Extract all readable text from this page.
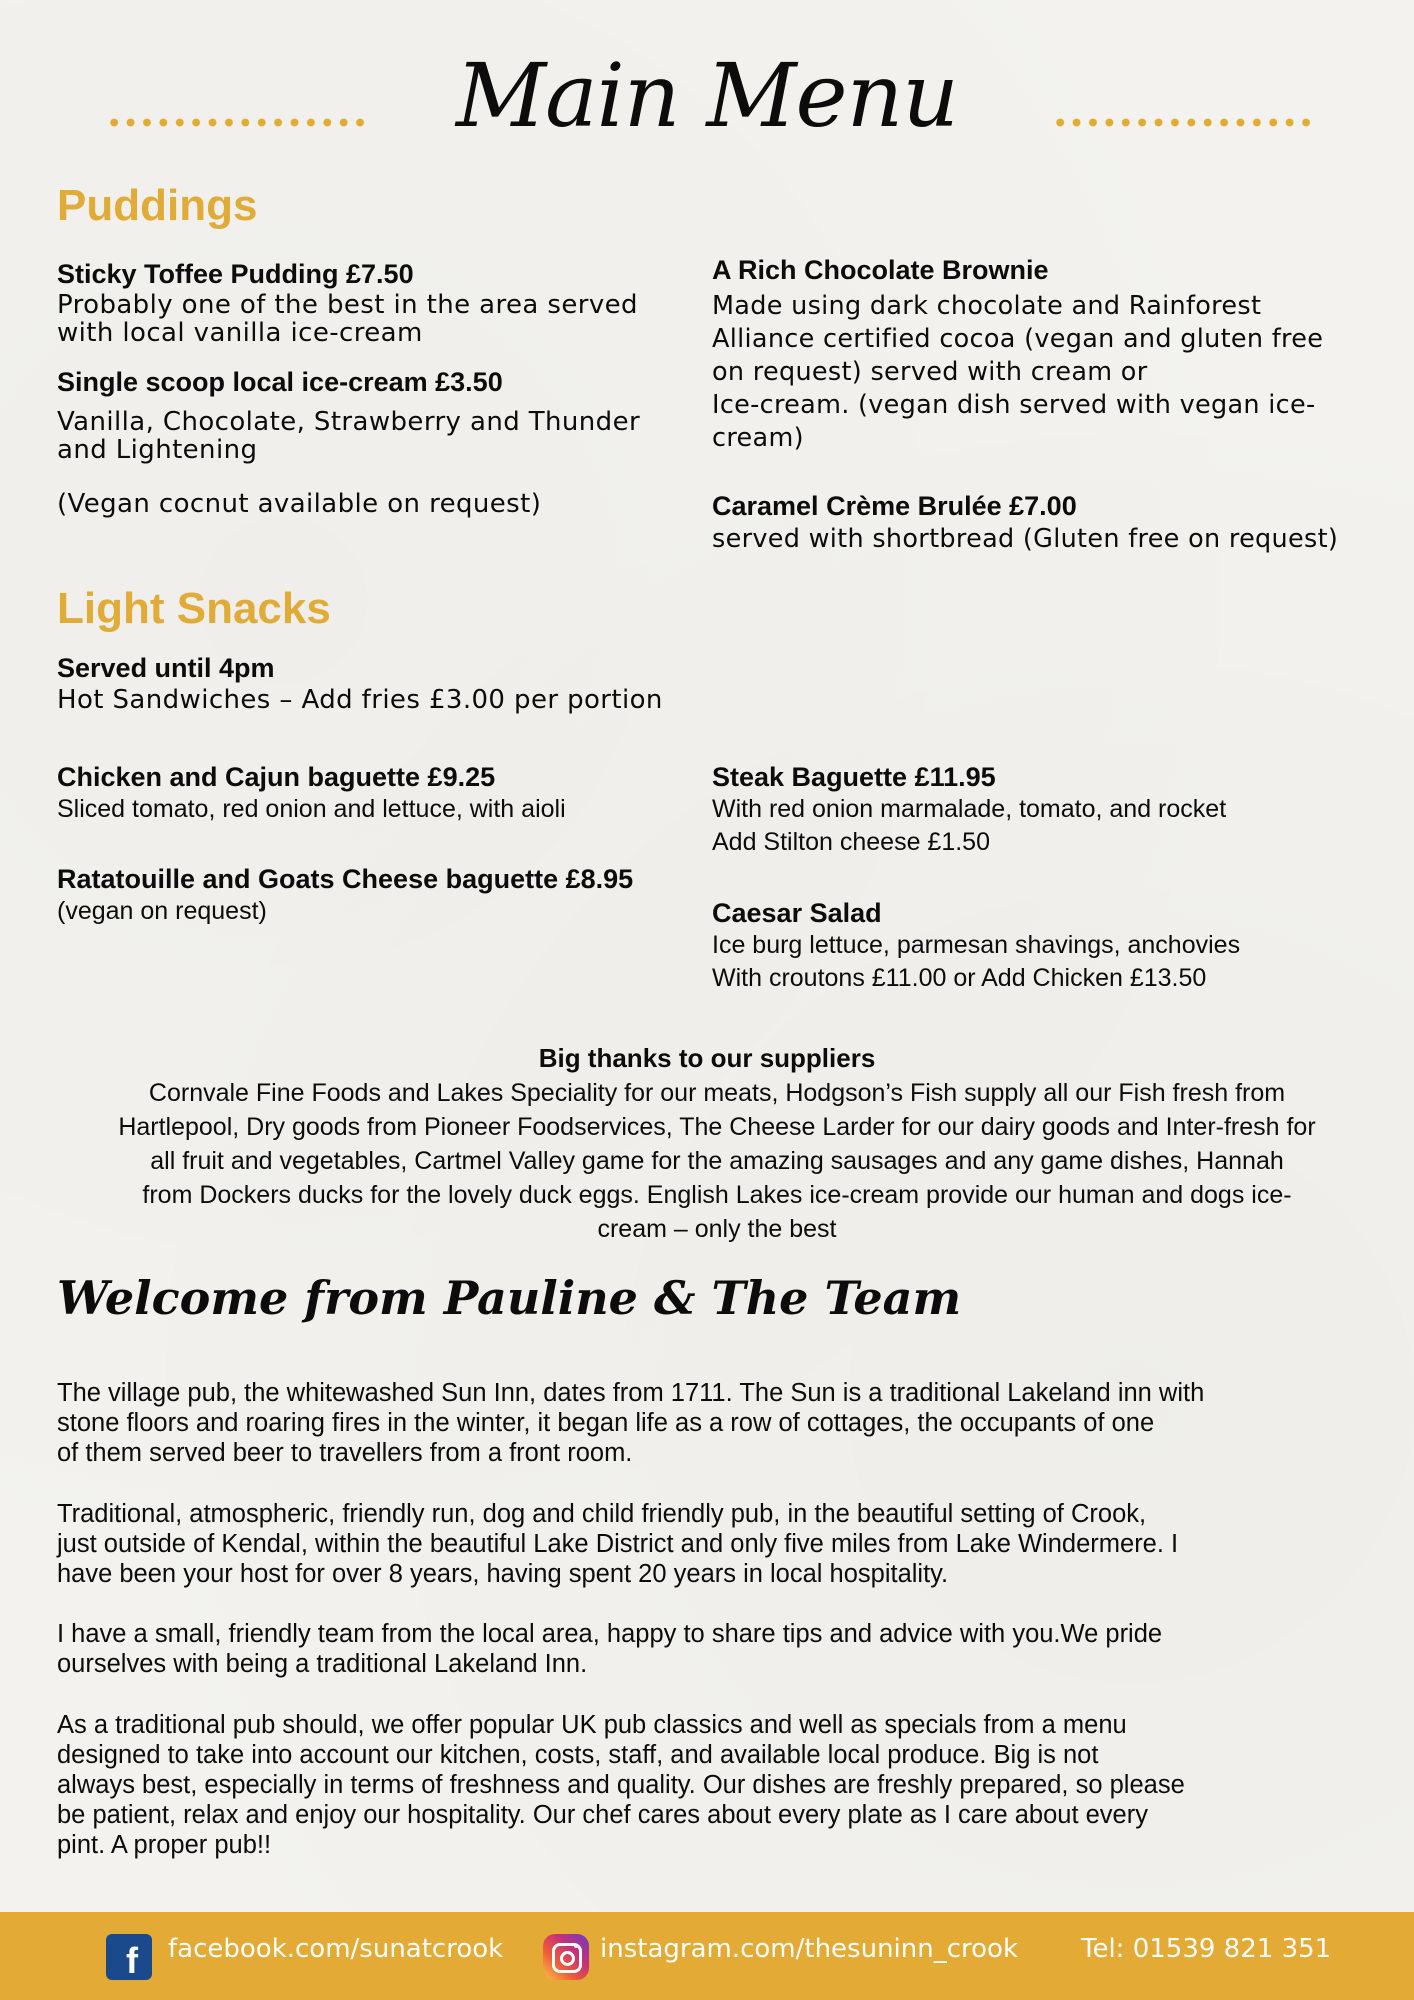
Main Menu
Puddings
Sticky Toffee Pudding £7.50
Probably one of the best in the area served
with local vanilla ice-cream
Single scoop local ice-cream £3.50
Vanilla, Chocolate, Strawberry and Thunder
and Lightening
(Vegan cocnut available on request)
A Rich Chocolate Brownie
Made using dark chocolate and Rainforest
Alliance certified cocoa (vegan and gluten free
on request) served with cream or
Ice-cream. (vegan dish served with vegan ice-
cream)
Caramel Crème Brulée £7.00
served with shortbread (Gluten free on request)
Light Snacks
Served until 4pm
Hot Sandwiches – Add fries £3.00 per portion
Chicken and Cajun baguette £9.25
Sliced tomato, red onion and lettuce, with aioli
Ratatouille and Goats Cheese baguette £8.95
(vegan on request)
Steak Baguette £11.95
With red onion marmalade, tomato, and rocket
Add Stilton cheese £1.50
Caesar Salad
Ice burg lettuce, parmesan shavings, anchovies
With croutons £11.00 or Add Chicken £13.50
Big thanks to our suppliers
Cornvale Fine Foods and Lakes Speciality for our meats, Hodgson’s Fish supply all our Fish fresh from
Hartlepool, Dry goods from Pioneer Foodservices, The Cheese Larder for our dairy goods and Inter-fresh for
all fruit and vegetables, Cartmel Valley game for the amazing sausages and any game dishes, Hannah
from Dockers ducks for the lovely duck eggs. English Lakes ice-cream provide our human and dogs ice-
cream – only the best
Welcome from Pauline & The Team
The village pub, the whitewashed Sun Inn, dates from 1711. The Sun is a traditional Lakeland inn with
stone floors and roaring fires in the winter, it began life as a row of cottages, the occupants of one
of them served beer to travellers from a front room.
Traditional, atmospheric, friendly run, dog and child friendly pub, in the beautiful setting of Crook,
just outside of Kendal, within the beautiful Lake District and only five miles from Lake Windermere. I
have been your host for over 8 years, having spent 20 years in local hospitality.
I have a small, friendly team from the local area, happy to share tips and advice with you.We pride
ourselves with being a traditional Lakeland Inn.
As a traditional pub should, we offer popular UK pub classics and well as specials from a menu
designed to take into account our kitchen, costs, staff, and available local produce. Big is not
always best, especially in terms of freshness and quality. Our dishes are freshly prepared, so please
be patient, relax and enjoy our hospitality. Our chef cares about every plate as I care about every
pint. A proper pub!!
f facebook.com/sunatcrook	instagram.com/thesuninn_crook Tel: 01539 821 351
